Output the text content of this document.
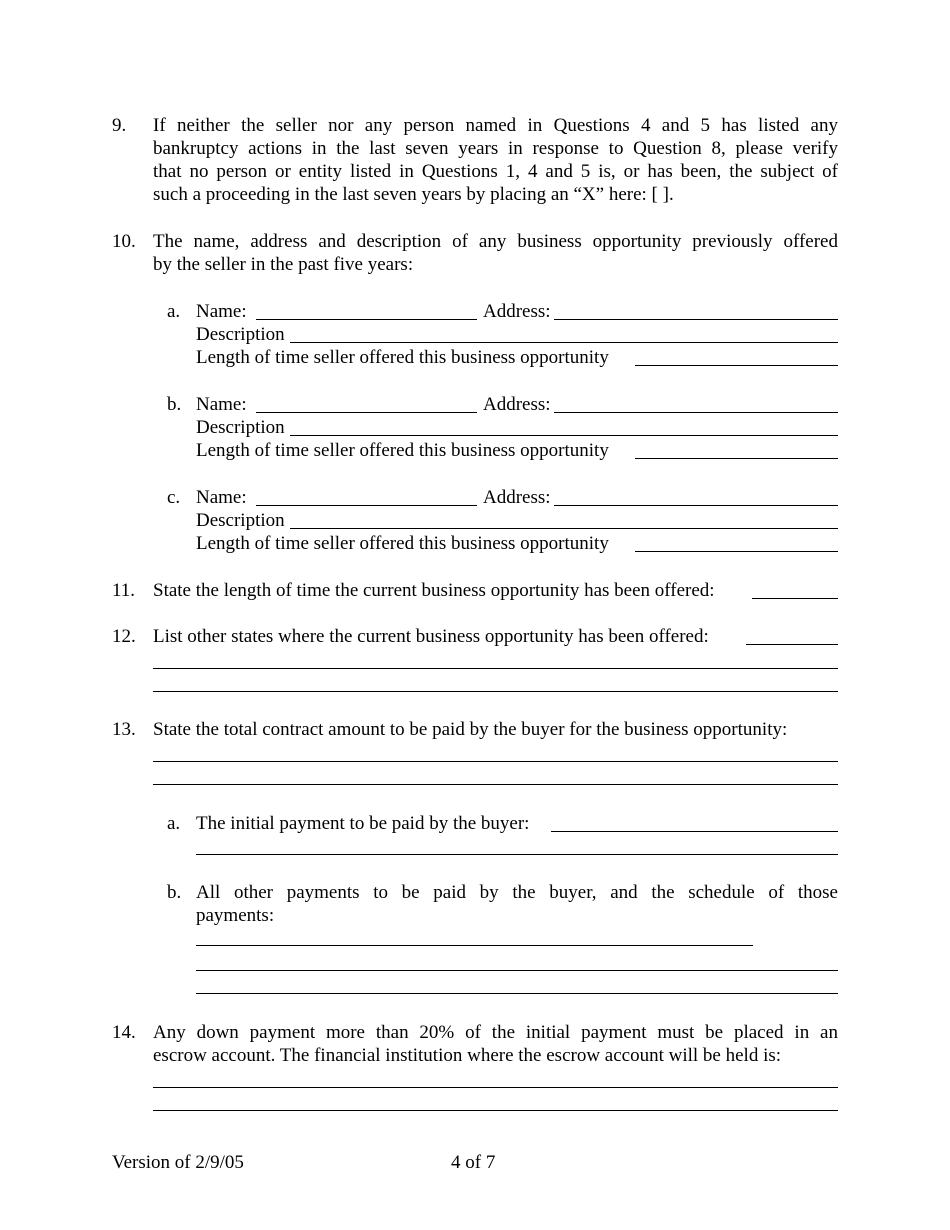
9. If neither the seller nor any person named in Questions 4 and 5 has listed any
bankruptcy actions in the last seven years in response to Question 8, please verify
that no person or entity listed in Questions 1, 4 and 5 is, or has been, the subject of
such a proceeding in the last seven years by placing an “X” here: [ ].
10. The name, address and description of any business opportunity previously offered
by the seller in the past five years:
a. Name:	Address:
Description
Length of time seller offered this business opportunity
b. Name:	Address:
Description
Length of time seller offered this business opportunity
c. Name:	Address:
Description
Length of time seller offered this business opportunity
11. State the length of time the current business opportunity has been offered:
12. List other states where the current business opportunity has been offered:
13. State the total contract amount to be paid by the buyer for the business opportunity:
a. The initial payment to be paid by the buyer:
b. All other payments to be paid by the buyer, and the schedule of those
payments:
14. Any down payment more than 20% of the initial payment must be placed in an
escrow account. The financial institution where the escrow account will be held is:
Version of 2/9/05	4 of 7
